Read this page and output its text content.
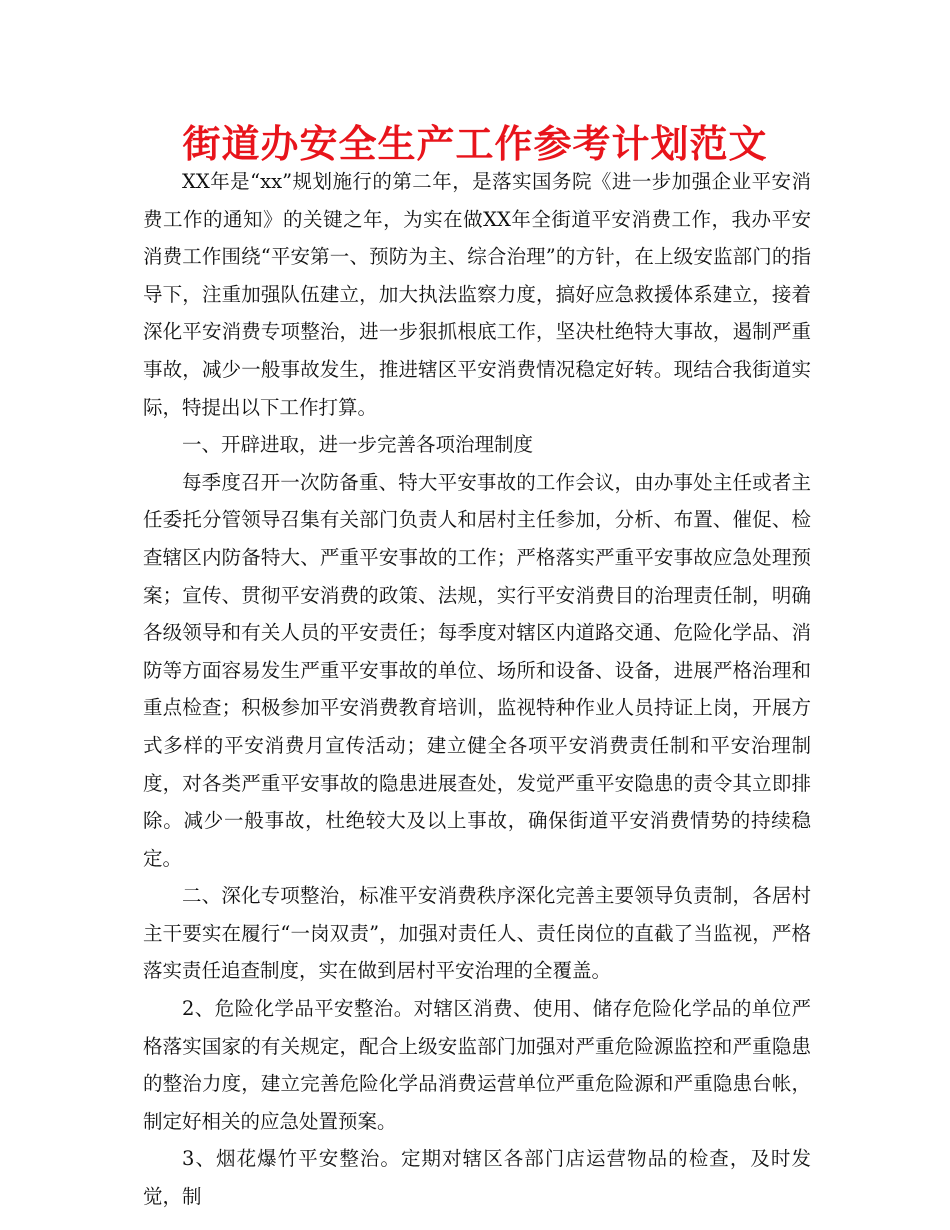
街道办安全生产工作参考计划范文

XX年是“xx”规划施行的第二年，是落实国务院《进一步加强企业平安消费工作的通知》的关键之年，为实在做XX年全街道平安消费工作，我办平安消费工作围绕“平安第一、预防为主、综合治理”的方针，在上级安监部门的指导下，注重加强队伍建立，加大执法监察力度，搞好应急救援体系建立，接着深化平安消费专项整治，进一步狠抓根底工作，坚决杜绝特大事故，遏制严重事故，减少一般事故发生，推进辖区平安消费情况稳定好转。现结合我街道实际，特提出以下工作打算。

一、开辟进取，进一步完善各项治理制度

每季度召开一次防备重、特大平安事故的工作会议，由办事处主任或者主任委托分管领导召集有关部门负责人和居村主任参加，分析、布置、催促、检查辖区内防备特大、严重平安事故的工作；严格落实严重平安事故应急处理预案；宣传、贯彻平安消费的政策、法规，实行平安消费目的治理责任制，明确各级领导和有关人员的平安责任；每季度对辖区内道路交通、危险化学品、消防等方面容易发生严重平安事故的单位、场所和设备、设备，进展严格治理和重点检查；积极参加平安消费教育培训，监视特种作业人员持证上岗，开展方式多样的平安消费月宣传活动；建立健全各项平安消费责任制和平安治理制度，对各类严重平安事故的隐患进展查处，发觉严重平安隐患的责令其立即排除。减少一般事故，杜绝较大及以上事故，确保街道平安消费情势的持续稳定。

二、深化专项整治，标准平安消费秩序深化完善主要领导负责制，各居村主干要实在履行“一岗双责”，加强对责任人、责任岗位的直截了当监视，严格落实责任追查制度，实在做到居村平安治理的全覆盖。

2、危险化学品平安整治。对辖区消费、使用、储存危险化学品的单位严格落实国家的有关规定，配合上级安监部门加强对严重危险源监控和严重隐患的整治力度，建立完善危险化学品消费运营单位严重危险源和严重隐患台帐，制定好相关的应急处置预案。

3、烟花爆竹平安整治。定期对辖区各部门店运营物品的检查，及时发觉，制
